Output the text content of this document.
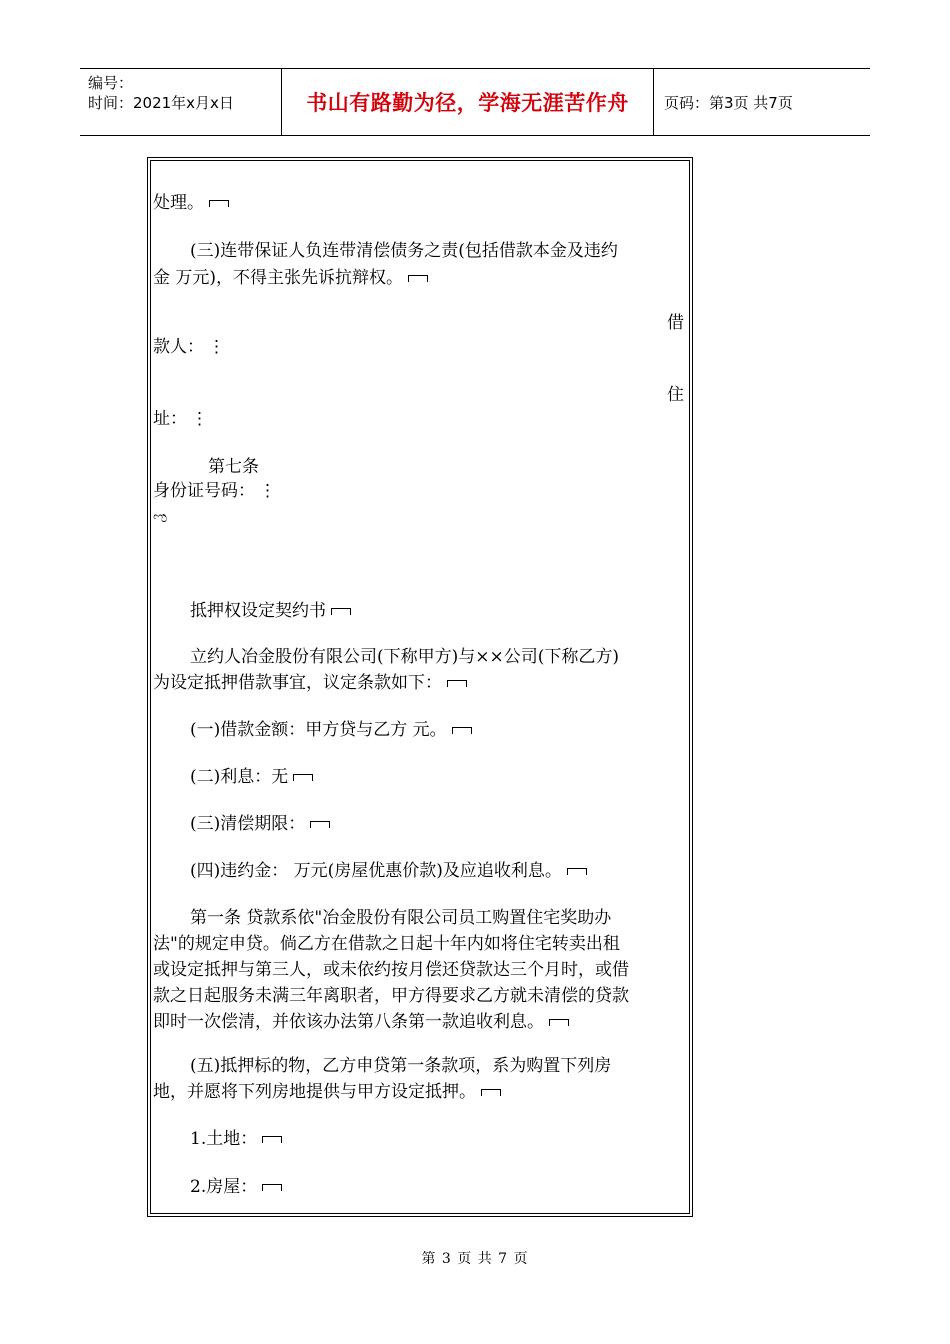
编号：
时间：2021年x月x日	书山有路勤为径，学海无涯苦作舟	页码：第3页 共7页
处理。
(三)连带保证人负连带清偿债务之责(包括借款本金及违约
金 万元)，不得主张先诉抗辩权。
借
款人： ⋮
住
址： ⋮
第七条
身份证号码： ⋮
ಌ
抵押权设定契约书
立约人冶金股份有限公司(下称甲方)与××公司(下称乙方)
为设定抵押借款事宜，议定条款如下：
(一)借款金额：甲方贷与乙方 元。
(二)利息：无
(三)清偿期限：
(四)违约金： 万元(房屋优惠价款)及应追收利息。
第一条 贷款系依"冶金股份有限公司员工购置住宅奖助办
法"的规定申贷。倘乙方在借款之日起十年内如将住宅转卖出租
或设定抵押与第三人，或未依约按月偿还贷款达三个月时，或借
款之日起服务未满三年离职者，甲方得要求乙方就未清偿的贷款
即时一次偿清，并依该办法第八条第一款追收利息。
(五)抵押标的物，乙方申贷第一条款项，系为购置下列房
地，并愿将下列房地提供与甲方设定抵押。
1.土地：
2.房屋：
第 3 页 共 7 页
